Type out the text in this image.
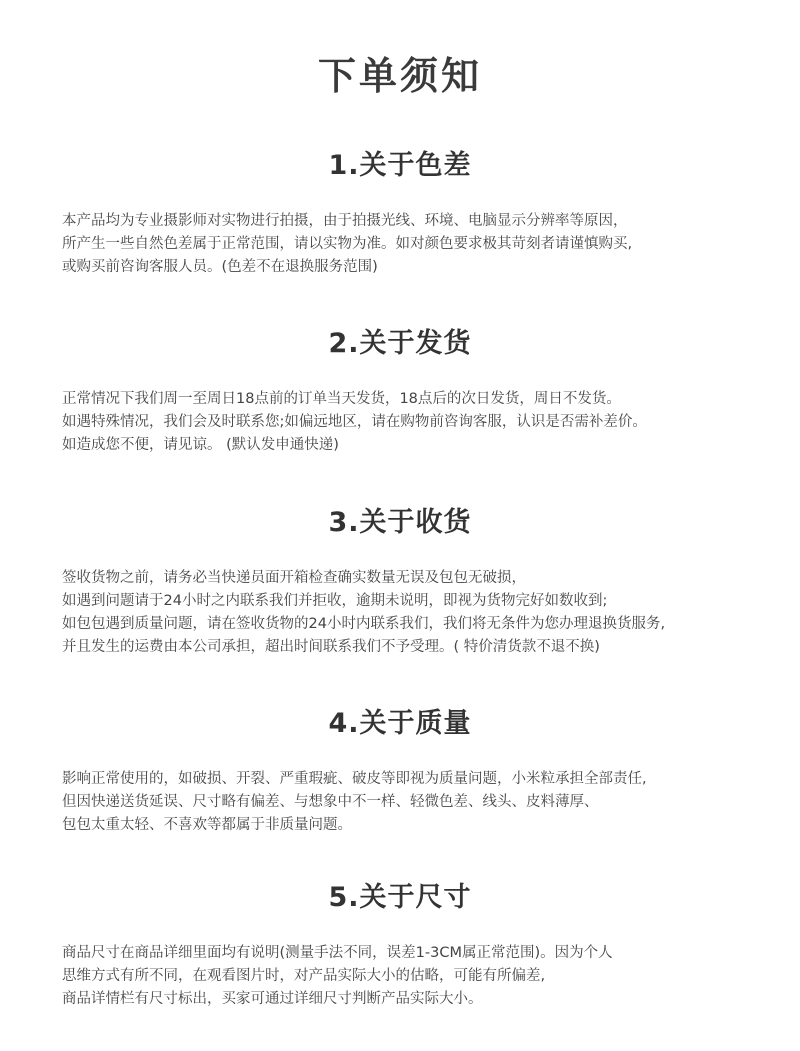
下单须知
1.关于色差

本产品均为专业摄影师对实物进行拍摄，由于拍摄光线、环境、电脑显示分辨率等原因，
所产生一些自然色差属于正常范围，请以实物为准。如对颜色要求极其苛刻者请谨慎购买,
或购买前咨询客服人员。(色差不在退换服务范围)

2.关于发货

正常情况下我们周一至周日18点前的订单当天发货，18点后的次日发货，周日不发货。
如遇特殊情况，我们会及时联系您;如偏远地区，请在购物前咨询客服，认识是否需补差价。
如造成您不便，请见谅。 (默认发申通快递)

3.关于收货

签收货物之前，请务必当快递员面开箱检查确实数量无误及包包无破损，
如遇到问题请于24小时之内联系我们并拒收，逾期未说明，即视为货物完好如数收到;
如包包遇到质量问题，请在签收货物的24小时内联系我们，我们将无条件为您办理退换货服务,
并且发生的运费由本公司承担，超出时间联系我们不予受理。( 特价清货款不退不换)

4.关于质量

影响正常使用的，如破损、开裂、严重瑕疵、破皮等即视为质量问题，小米粒承担全部责任,
但因快递送货延误、尺寸略有偏差、与想象中不一样、轻微色差、线头、皮料薄厚、
包包太重太轻、不喜欢等都属于非质量问题。

5.关于尺寸

商品尺寸在商品详细里面均有说明(测量手法不同，误差1-3CM属正常范围)。因为个人
思维方式有所不同，在观看图片时，对产品实际大小的估略，可能有所偏差,
商品详情栏有尺寸标出，买家可通过详细尺寸判断产品实际大小。
